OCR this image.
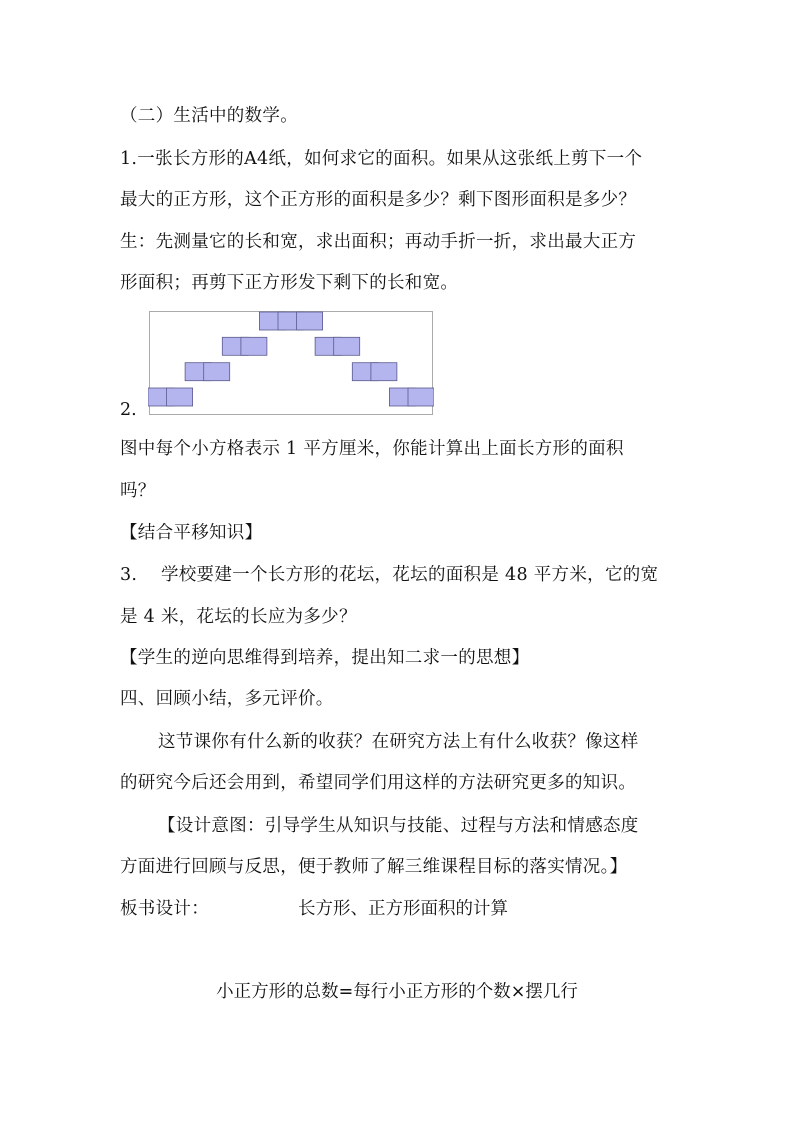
（二）生活中的数学。
1.一张长方形的A4纸，如何求它的面积。如果从这张纸上剪下一个
最大的正方形，这个正方形的面积是多少？剩下图形面积是多少？
生：先测量它的长和宽，求出面积；再动手折一折，求出最大正方
形面积；再剪下正方形发下剩下的长和宽。
2.
图中每个小方格表示 1 平方厘米，你能计算出上面长方形的面积
吗？
【结合平移知识】
3.　 学校要建一个长方形的花坛，花坛的面积是 48 平方米，它的宽
是 4 米，花坛的长应为多少？
【学生的逆向思维得到培养，提出知二求一的思想】
四、回顾小结，多元评价。
这节课你有什么新的收获？在研究方法上有什么收获？像这样
的研究今后还会用到，希望同学们用这样的方法研究更多的知识。
【设计意图：引导学生从知识与技能、过程与方法和情感态度
方面进行回顾与反思，便于教师了解三维课程目标的落实情况。】
板书设计：	长方形、正方形面积的计算
小正方形的总数=每行小正方形的个数×摆几行
